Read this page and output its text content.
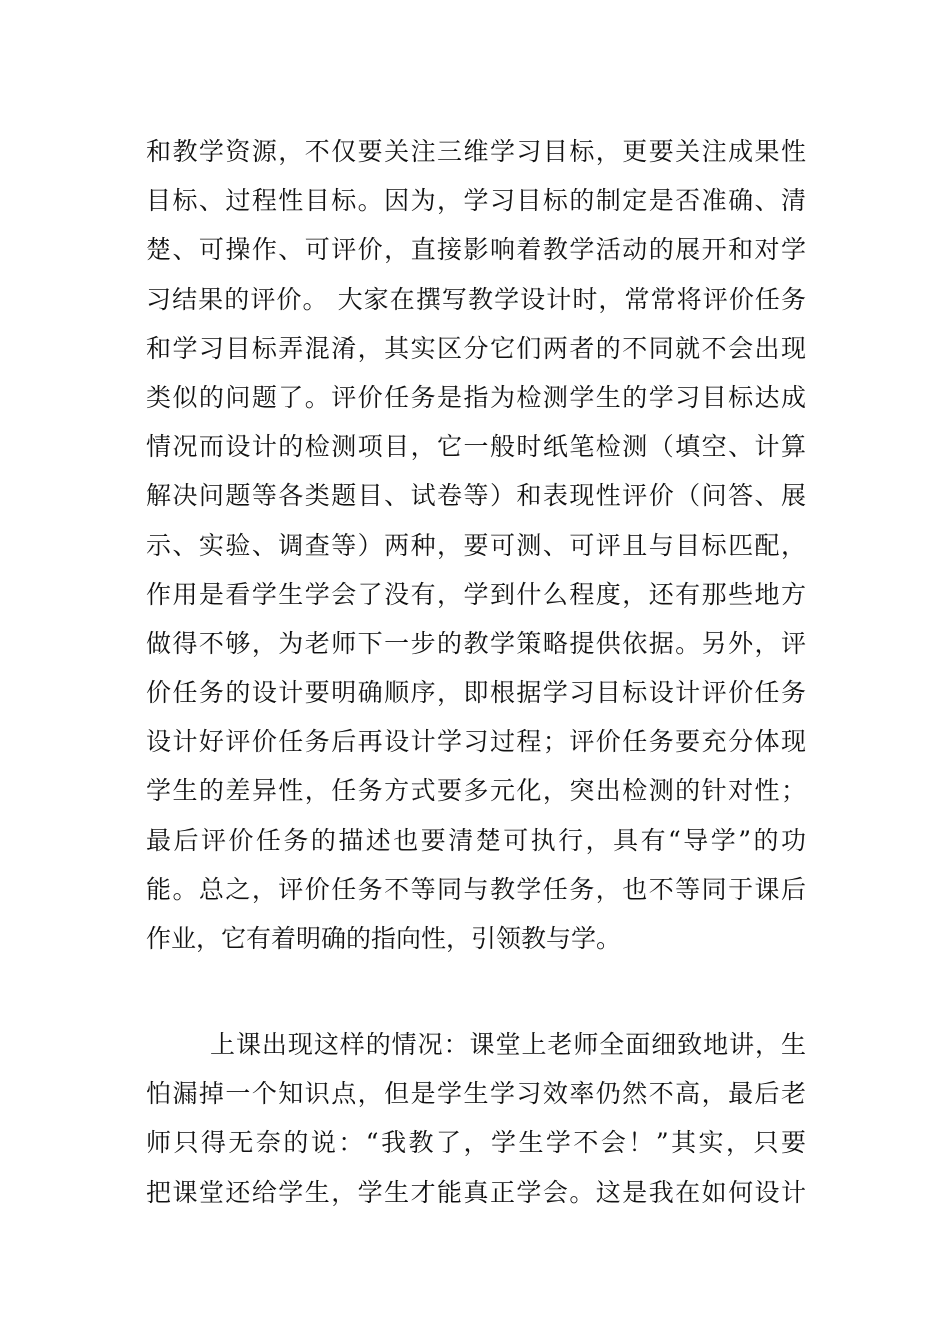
和教学资源，不仅要关注三维学习目标，更要关注成果性
目标、过程性目标。因为，学习目标的制定是否准确、清
楚、可操作、可评价，直接影响着教学活动的展开和对学
习结果的评价。 大家在撰写教学设计时，常常将评价任务
和学习目标弄混淆，其实区分它们两者的不同就不会出现
类似的问题了。评价任务是指为检测学生的学习目标达成
情况而设计的检测项目，它一般时纸笔检测（填空、计算
解决问题等各类题目、试卷等）和表现性评价（问答、展
示、实验、调查等）两种，要可测、可评且与目标匹配，
作用是看学生学会了没有，学到什么程度，还有那些地方
做得不够，为老师下一步的教学策略提供依据。另外，评
价任务的设计要明确顺序，即根据学习目标设计评价任务
设计好评价任务后再设计学习过程；评价任务要充分体现
学生的差异性，任务方式要多元化，突出检测的针对性；
最后评价任务的描述也要清楚可执行，具有“导学”的功
能。总之，评价任务不等同与教学任务，也不等同于课后
作业，它有着明确的指向性，引领教与学。
上课出现这样的情况：课堂上老师全面细致地讲，生
怕漏掉一个知识点，但是学生学习效率仍然不高，最后老
师只得无奈的说：“我教了，学生学不会！”其实，只要
把课堂还给学生，学生才能真正学会。这是我在如何设计
